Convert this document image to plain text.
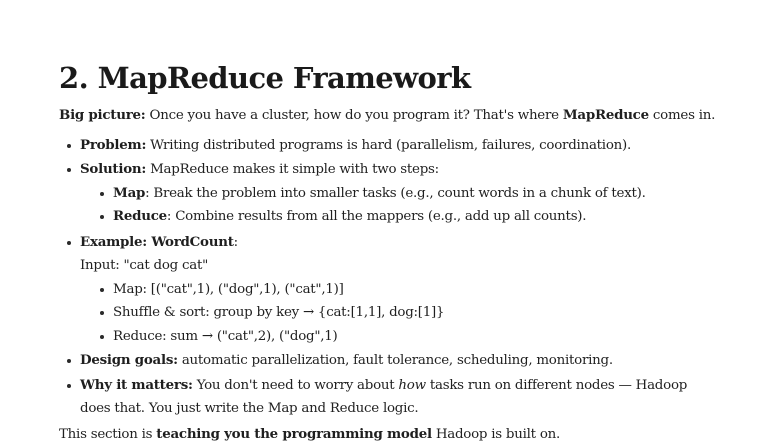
2. MapReduce Framework
Big picture: Once you have a cluster, how do you program it? That's where MapReduce comes in.
Problem: Writing distributed programs is hard (parallelism, failures, coordination).
Solution: MapReduce makes it simple with two steps:
Map: Break the problem into smaller tasks (e.g., count words in a chunk of text).
Reduce: Combine results from all the mappers (e.g., add up all counts).
Example: WordCount:
Input: "cat dog cat"
Map: [("cat",1), ("dog",1), ("cat",1)]
Shuffle & sort: group by key → {cat:[1,1], dog:[1]}
Reduce: sum → ("cat",2), ("dog",1)
Design goals: automatic parallelization, fault tolerance, scheduling, monitoring.
Why it matters: You don't need to worry about how tasks run on different nodes — Hadoop
does that. You just write the Map and Reduce logic.
This section is teaching you the programming model Hadoop is built on.
